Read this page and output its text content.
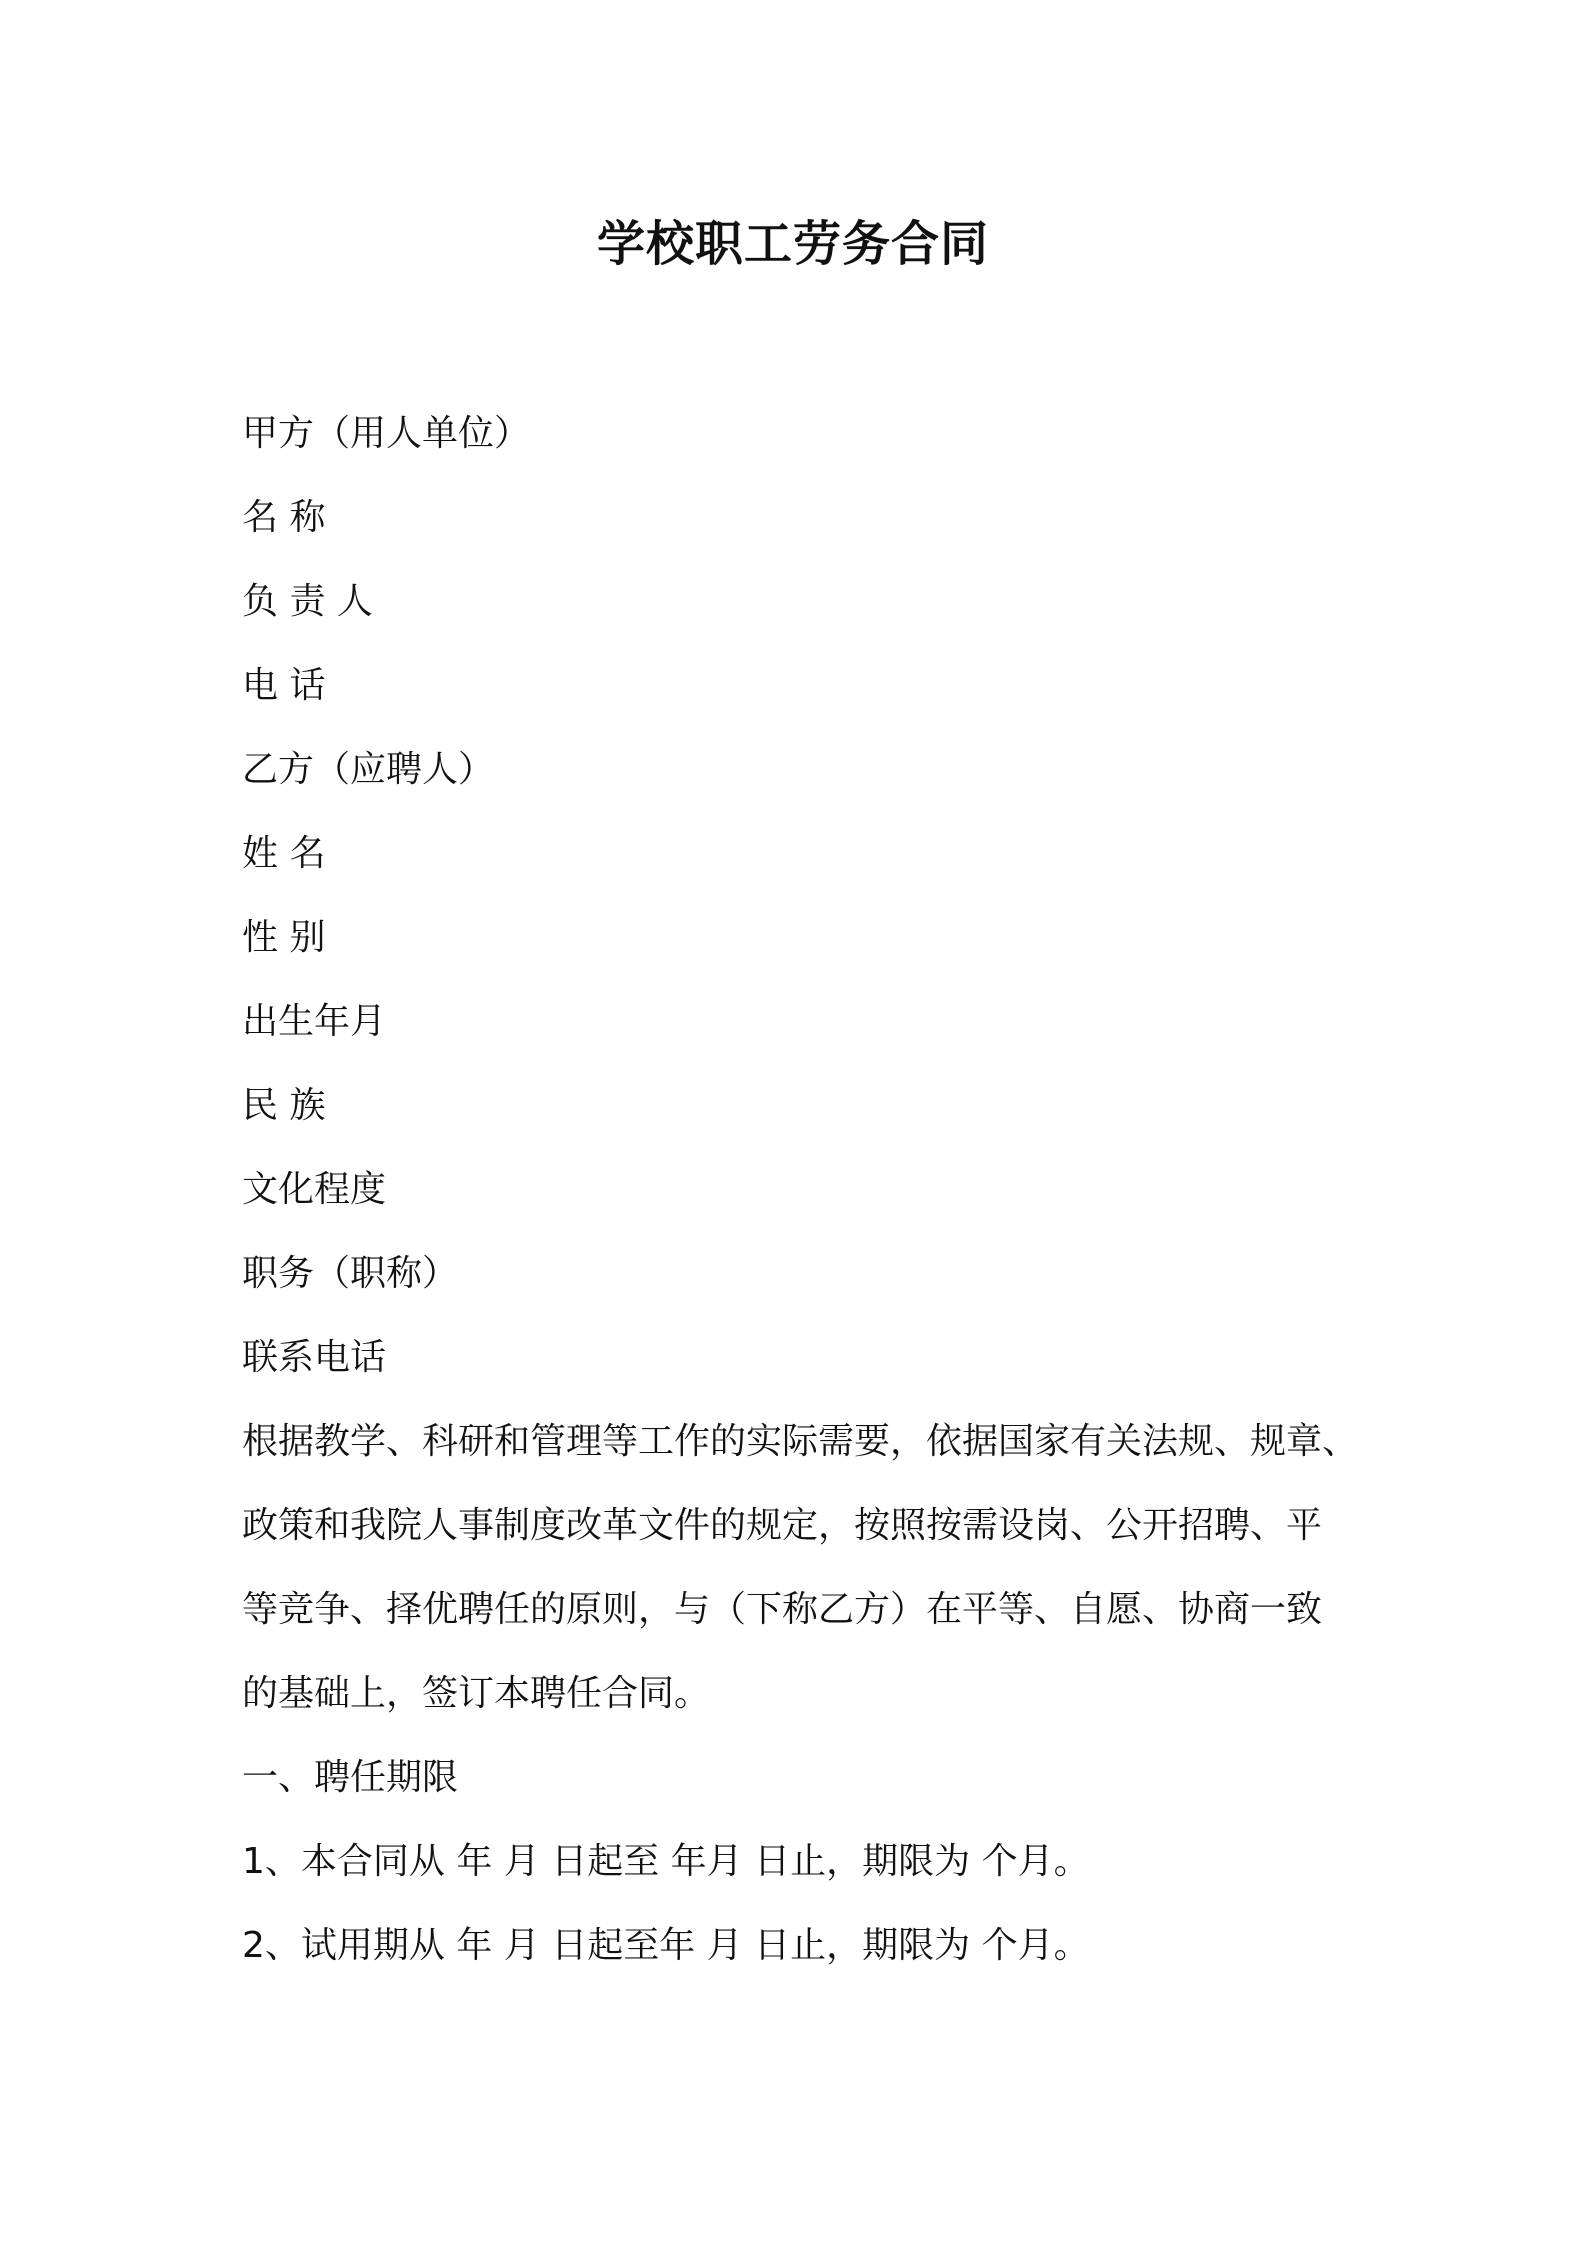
学校职工劳务合同

甲方（用人单位）

名 称

负 责 人

电 话

乙方（应聘人）

姓 名

性 别

出生年月

民 族

文化程度

职务（职称）

联系电话

根据教学、科研和管理等工作的实际需要，依据国家有关法规、规章、
政策和我院人事制度改革文件的规定，按照按需设岗、公开招聘、平
等竞争、择优聘任的原则，与（下称乙方）在平等、自愿、协商一致
的基础上，签订本聘任合同。

一、聘任期限

1、本合同从 年 月 日起至 年月 日止，期限为 个月。

2、试用期从 年 月 日起至年 月 日止，期限为 个月。
